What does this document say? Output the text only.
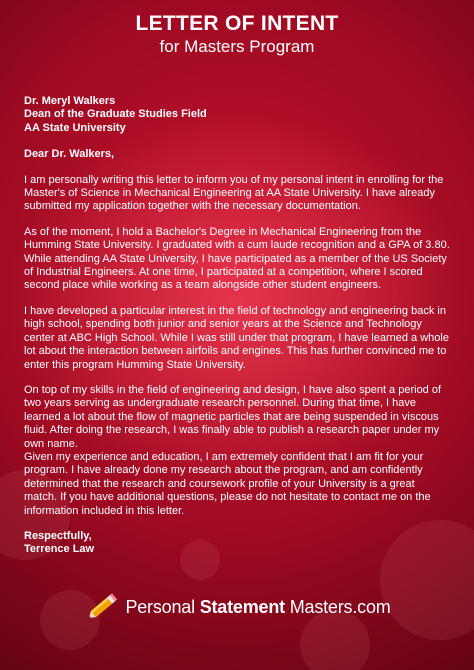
LETTER OF INTENT
for Masters Program
Dr. Meryl Walkers
Dean of the Graduate Studies Field
AA State University
Dear Dr. Walkers,
I am personally writing this letter to inform you of my personal intent in enrolling for the Master's of Science in Mechanical Engineering at AA State University. I have already submitted my application together with the necessary documentation.
As of the moment, I hold a Bachelor's Degree in Mechanical Engineering from the Humming State University. I graduated with a cum laude recognition and a GPA of 3.80. While attending AA State University, I have participated as a member of the US Society of Industrial Engineers. At one time, I participated at a competition, where I scored second place while working as a team alongside other student engineers.
I have developed a particular interest in the field of technology and engineering back in high school, spending both junior and senior years at the Science and Technology center at ABC High School. While I was still under that program, I have learned a whole lot about the interaction between airfoils and engines. This has further convinced me to enter this program Humming State University.
On top of my skills in the field of engineering and design, I have also spent a period of two years serving as undergraduate research personnel. During that time, I have learned a lot about the flow of magnetic particles that are being suspended in viscous fluid. After doing the research, I was finally able to publish a research paper under my own name.
Given my experience and education, I am extremely confident that I am fit for your program. I have already done my research about the program, and am confidently determined that the research and coursework profile of your University is a great match. If you have additional questions, please do not hesitate to contact me on the information included in this letter.
Respectfully,
Terrence Law
Personal Statement Masters.com
